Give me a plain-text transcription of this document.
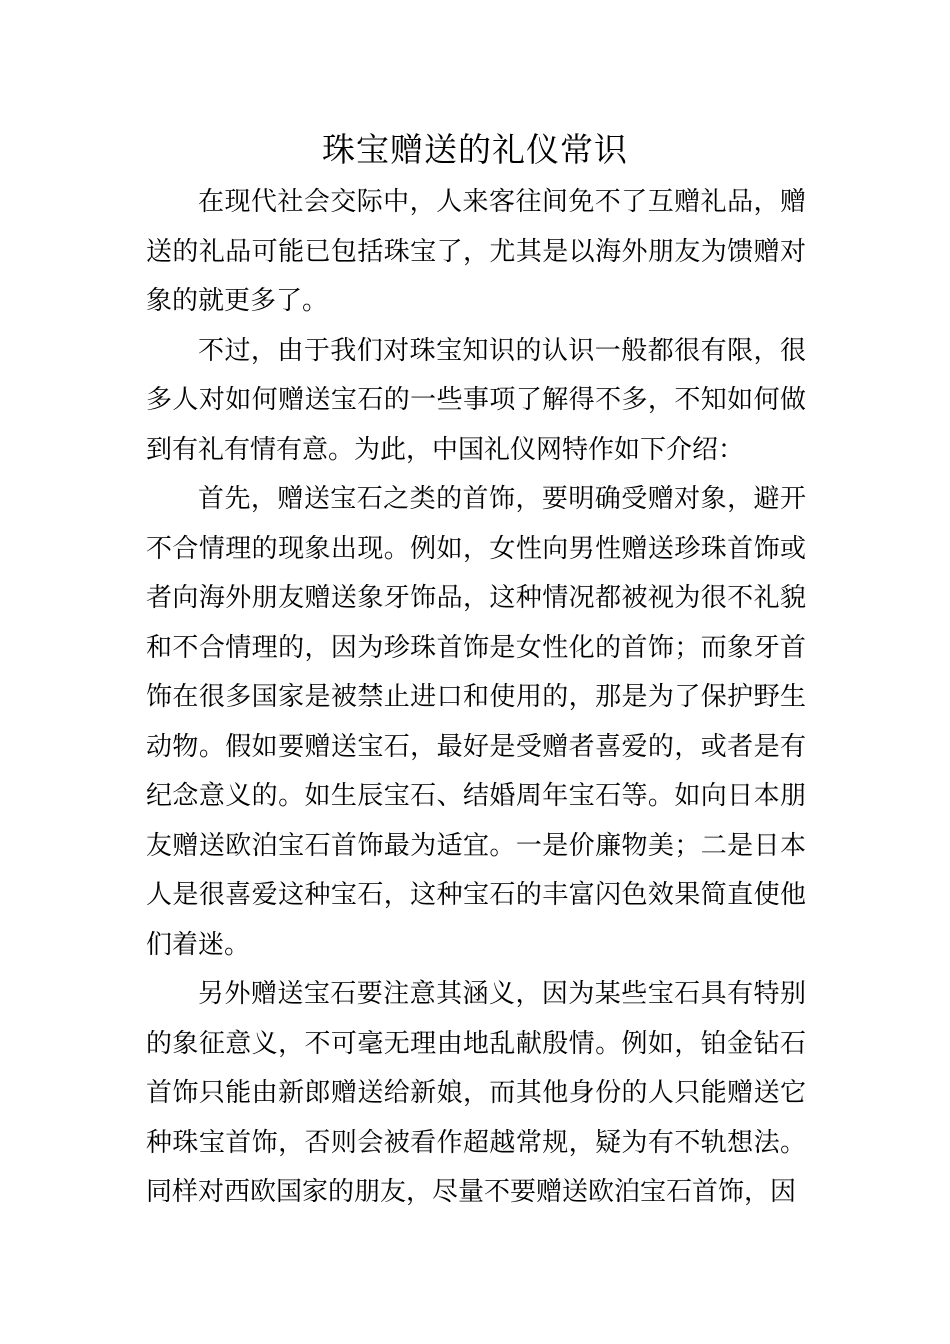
珠宝赠送的礼仪常识

在现代社会交际中，人来客往间免不了互赠礼品，赠送的礼品可能已包括珠宝了，尤其是以海外朋友为馈赠对象的就更多了。

不过，由于我们对珠宝知识的认识一般都很有限，很多人对如何赠送宝石的一些事项了解得不多，不知如何做到有礼有情有意。为此，中国礼仪网特作如下介绍：

首先，赠送宝石之类的首饰，要明确受赠对象，避开不合情理的现象出现。例如，女性向男性赠送珍珠首饰或者向海外朋友赠送象牙饰品，这种情况都被视为很不礼貌和不合情理的，因为珍珠首饰是女性化的首饰；而象牙首饰在很多国家是被禁止进口和使用的，那是为了保护野生动物。假如要赠送宝石，最好是受赠者喜爱的，或者是有纪念意义的。如生辰宝石、结婚周年宝石等。如向日本朋友赠送欧泊宝石首饰最为适宜。一是价廉物美；二是日本人是很喜爱这种宝石，这种宝石的丰富闪色效果简直使他们着迷。

另外赠送宝石要注意其涵义，因为某些宝石具有特别的象征意义，不可毫无理由地乱献殷情。例如，铂金钻石首饰只能由新郎赠送给新娘，而其他身份的人只能赠送它种珠宝首饰，否则会被看作超越常规，疑为有不轨想法。同样对西欧国家的朋友，尽量不要赠送欧泊宝石首饰，因
